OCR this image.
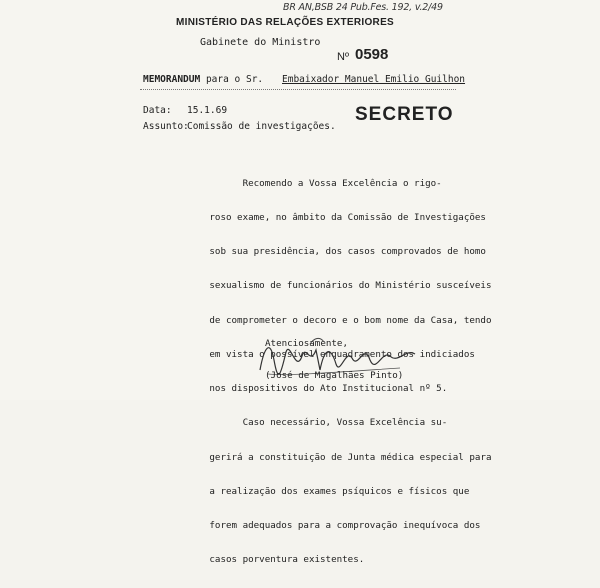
BR AN,BSB 24 Pub.Fes. 192, v.2/49
MINISTÉRIO DAS RELAÇÕES EXTERIORES
Gabinete do Ministro
Nº 0598
MEMORANDUM para o Sr. Embaixador Manuel Emilio Guilhon
Data: 15.1.69
Assunto:Comissão de investigações.
SECRETO

Recomendo a Vossa Excelência o rigo-

roso exame, no âmbito da Comissão de Investigações

sob sua presidência, dos casos comprovados de homo

sexualismo de funcionários do Ministério susceíveis

de comprometer o decoro e o bom nome da Casa, tendo

em vista o possível enquadramento dos indiciados

nos dispositivos do Ato Institucional nº 5.

Caso necessário, Vossa Excelência su-

gerirá a constituição de Junta médica especial para

a realização dos exames psíquicos e físicos que

forem adequados para a comprovação inequívoca dos

casos porventura existentes.

Atenciosamente,
(José de Magalhães Pinto)
